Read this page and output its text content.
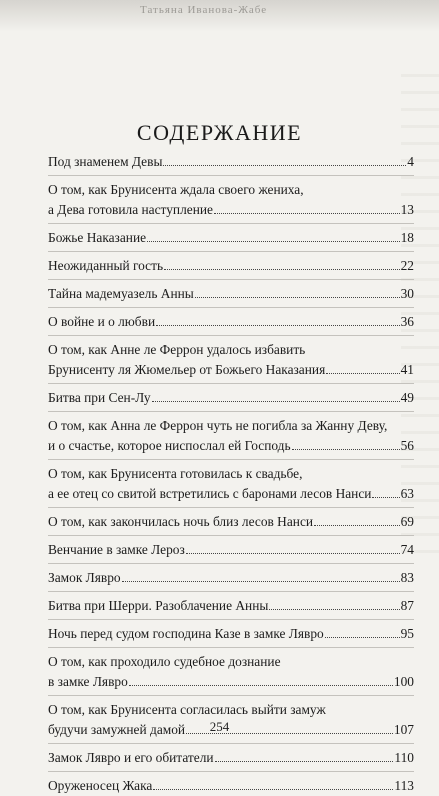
Татьяна Иванова-Жабе
СОДЕРЖАНИЕ
Под знаменем Девы	4
О том, как Брунисента ждала своего жениха,
а Дева готовила наступление	13
Божье Наказание	18
Неожиданный гость	22
Тайна мадемуазель Анны	30
О войне и о любви	36
О том, как Анне ле Феррон удалось избавить
Брунисенту ля Жюмельер от Божьего Наказания	41
Битва при Сен-Лу	49
О том, как Анна ле Феррон чуть не погибла за Жанну Деву,
и о счастье, которое ниспослал ей Господь	56
О том, как Брунисента готовилась к свадьбе,
а ее отец со свитой встретились с баронами лесов Нанси 63
О том, как закончилась ночь близ лесов Нанси	69
Венчание в замке Лероз	74
Замок Лявро	83
Битва при Шерри. Разоблачение Анны	87
Ночь перед судом господина Казе в замке Лявро	95
О том, как проходило судебное дознание
в замке Лявро	100
О том, как Брунисента согласилась выйти замуж
будучи замужней дамой	107
Замок Лявро и его обитатели	110
Оруженосец Жака	113
254
